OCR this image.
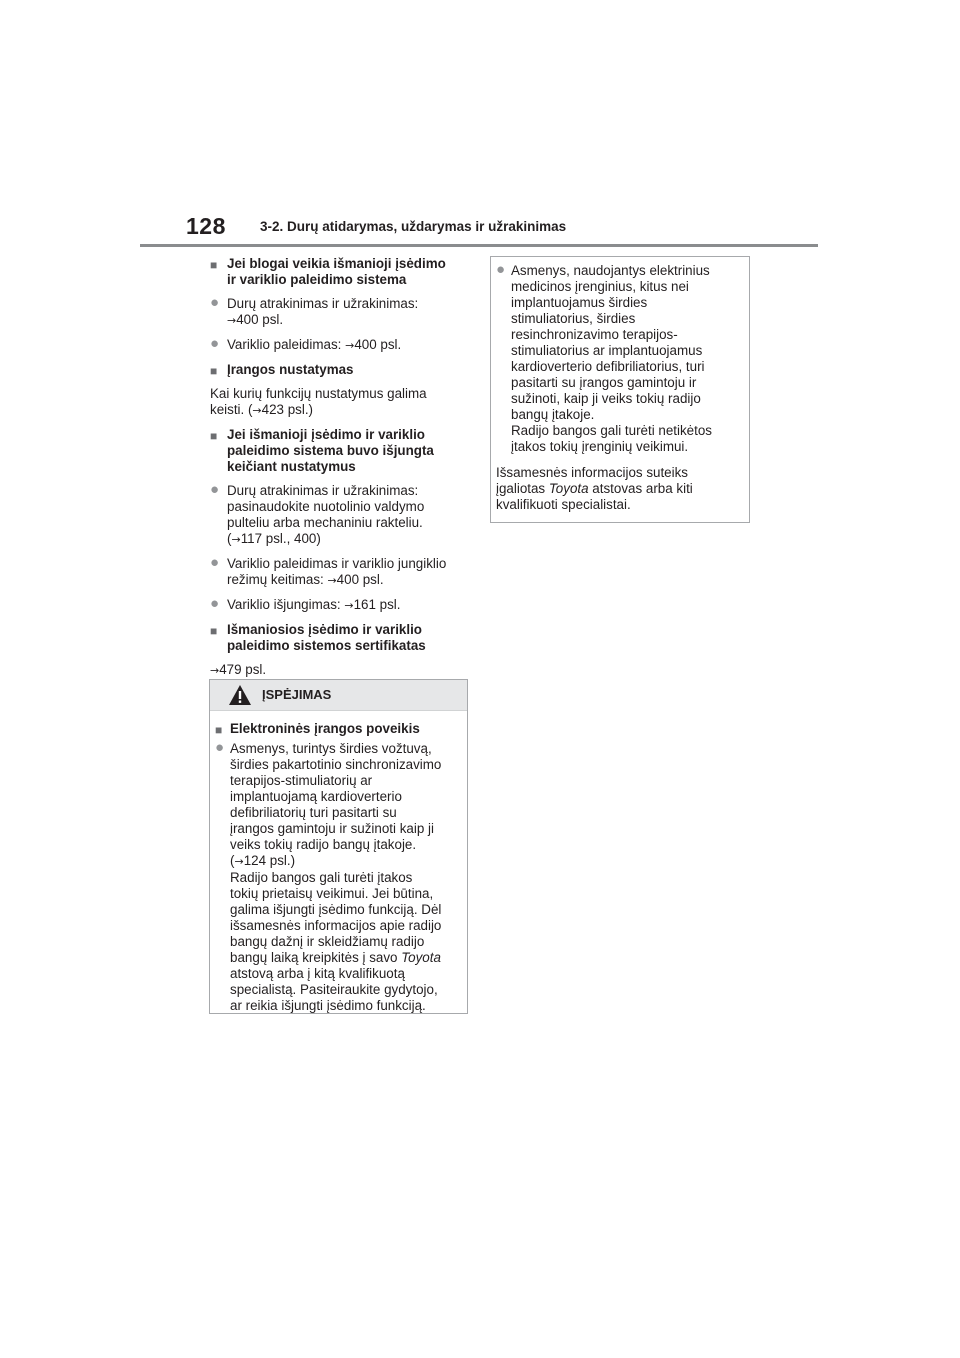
128	3-2. Durų atidarymas, uždarymas ir užrakinimas
■ Jei blogai veikia išmanioji įsėdimo
ir variklio paleidimo sistema
● Durų atrakinimas ir užrakinimas:
→400 psl.
● Variklio paleidimas: →400 psl.
■ Įrangos nustatymas
Kai kurių funkcijų nustatymus galima
keisti. (→423 psl.)
■ Jei išmanioji įsėdimo ir variklio
paleidimo sistema buvo išjungta
keičiant nustatymus
● Durų atrakinimas ir užrakinimas:
pasinaudokite nuotolinio valdymo
pulteliu arba mechaniniu rakteliu.
(→117 psl., 400)
● Variklio paleidimas ir variklio jungiklio
režimų keitimas: →400 psl.
● Variklio išjungimas: →161 psl.
■ Išmaniosios įsėdimo ir variklio
paleidimo sistemos sertifikatas
→479 psl.
ĮSPĖJIMAS
■ Elektroninės įrangos poveikis
● Asmenys, turintys širdies vožtuvą,
širdies pakartotinio sinchronizavimo
terapijos-stimuliatorių ar
implantuojamą kardioverterio
defibriliatorių turi pasitarti su
įrangos gamintoju ir sužinoti kaip ji
veiks tokių radijo bangų įtakoje.
(→124 psl.)
Radijo bangos gali turėti įtakos
tokių prietaisų veikimui. Jei būtina,
galima išjungti įsėdimo funkciją. Dėl
išsamesnės informacijos apie radijo
bangų dažnį ir skleidžiamų radijo
bangų laiką kreipkitės į savo Toyota
atstovą arba į kitą kvalifikuotą
specialistą. Pasiteiraukite gydytojo,
ar reikia išjungti įsėdimo funkciją.
● Asmenys, naudojantys elektrinius
medicinos įrenginius, kitus nei
implantuojamus širdies
stimuliatorius, širdies
resinchronizavimo terapijos-
stimuliatorius ar implantuojamus
kardioverterio defibriliatorius, turi
pasitarti su įrangos gamintoju ir
sužinoti, kaip ji veiks tokių radijo
bangų įtakoje.
Radijo bangos gali turėti netikėtos
įtakos tokių įrenginių veikimui.
Išsamesnės informacijos suteiks
įgaliotas Toyota atstovas arba kiti
kvalifikuoti specialistai.
